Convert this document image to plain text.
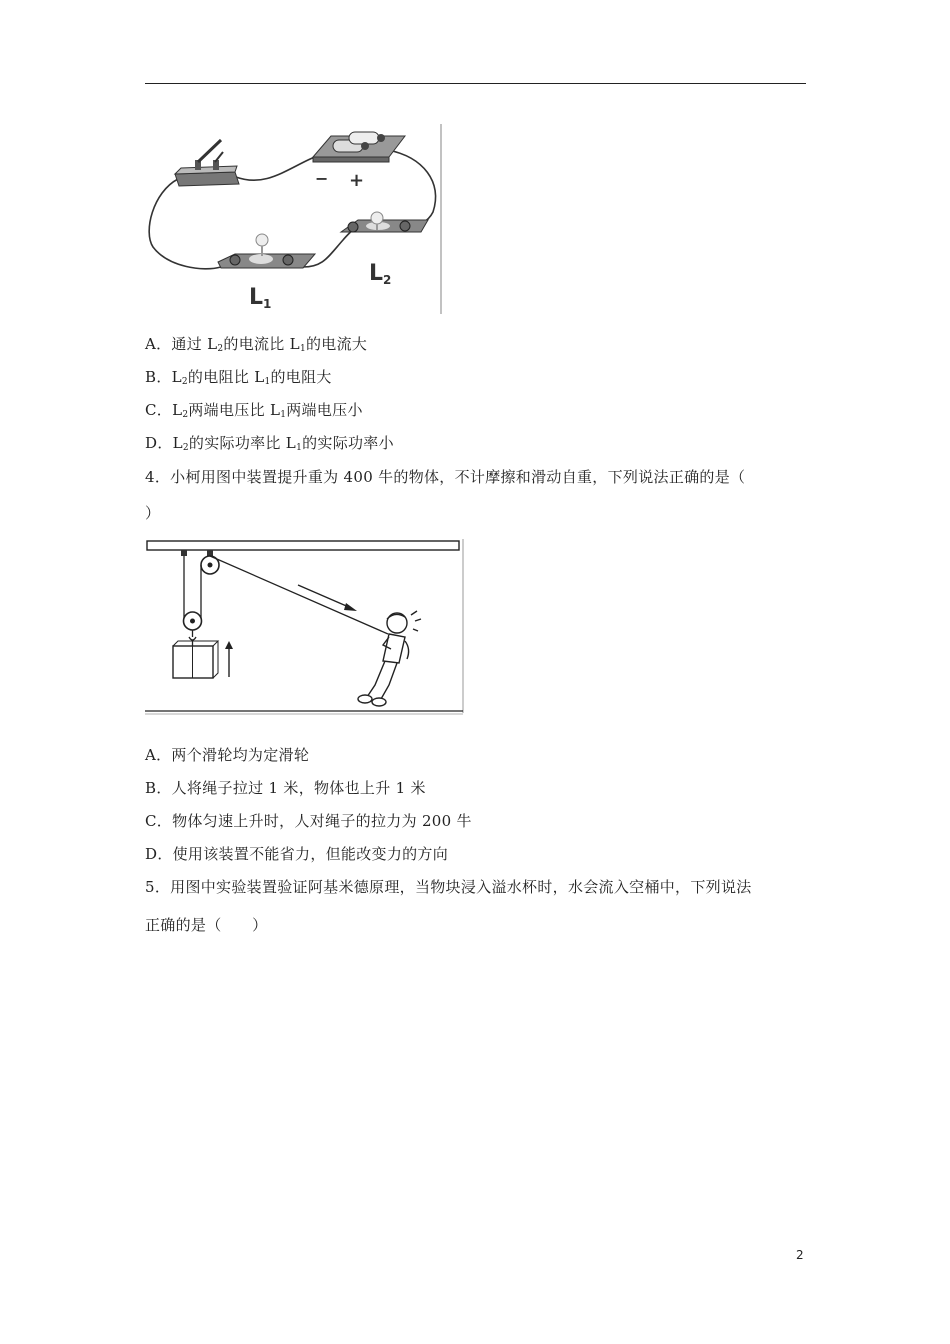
− +
L1
L2
A．通过 $L_2$的电流比 $L_1$的电流大
B．$L_2$的电阻比 $L_1$的电阻大
C．$L_2$两端电压比 $L_1$两端电压小
D．$L_2$的实际功率比 $L_1$的实际功率小
4．小柯用图中装置提升重为 400 牛的物体，不计摩擦和滑动自重，下列说法正确的是（
）
A．两个滑轮均为定滑轮
B．人将绳子拉过 1 米，物体也上升 1 米
C．物体匀速上升时，人对绳子的拉力为 200 牛
D．使用该装置不能省力，但能改变力的方向
5．用图中实验装置验证阿基米德原理，当物块浸入溢水杯时，水会流入空桶中，下列说法
正确的是（　　）
2
